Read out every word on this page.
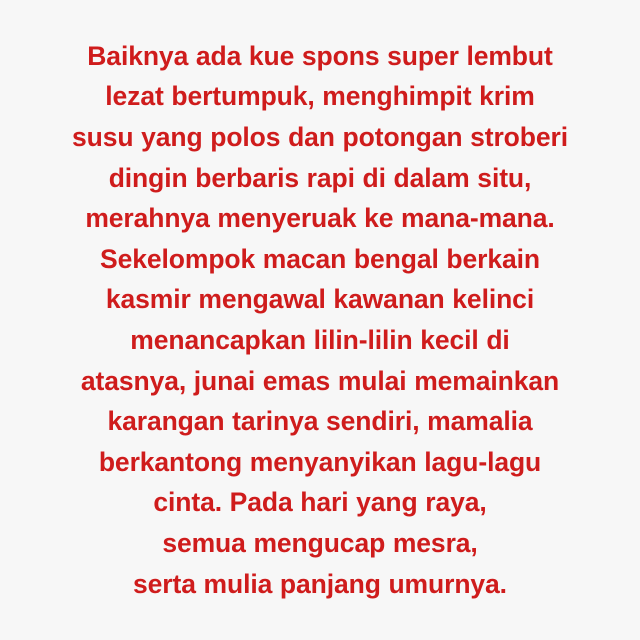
Baiknya ada kue spons super lembut
lezat bertumpuk, menghimpit krim
susu yang polos dan potongan stroberi
dingin berbaris rapi di dalam situ,
merahnya menyeruak ke mana-mana.
Sekelompok macan bengal berkain
kasmir mengawal kawanan kelinci
menancapkan lilin-lilin kecil di
atasnya, junai emas mulai memainkan
karangan tarinya sendiri, mamalia
berkantong menyanyikan lagu-lagu
cinta. Pada hari yang raya,
semua mengucap mesra,
serta mulia panjang umurnya.
